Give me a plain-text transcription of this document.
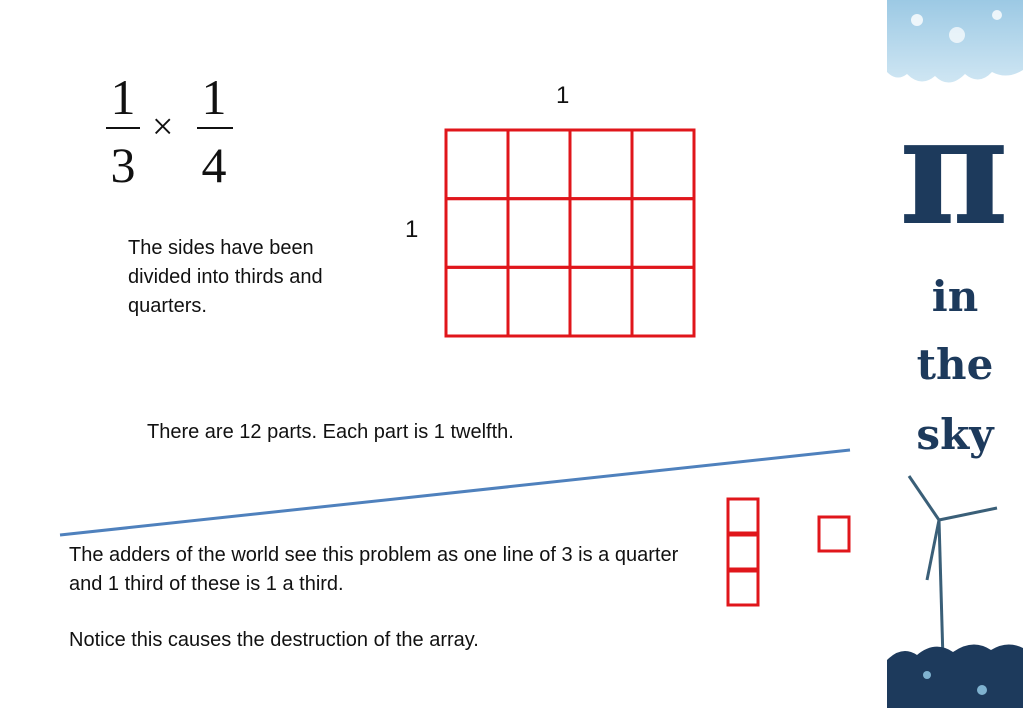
1
3
×
1
4
The sides have been divided into thirds and quarters.
1
1
There are 12 parts. Each part is 1 twelfth.
The adders of the world see this problem as one line of 3 is a quarter and 1 third of these is 1 a third.
Notice this causes the destruction of the array.
π
in
the
sky
